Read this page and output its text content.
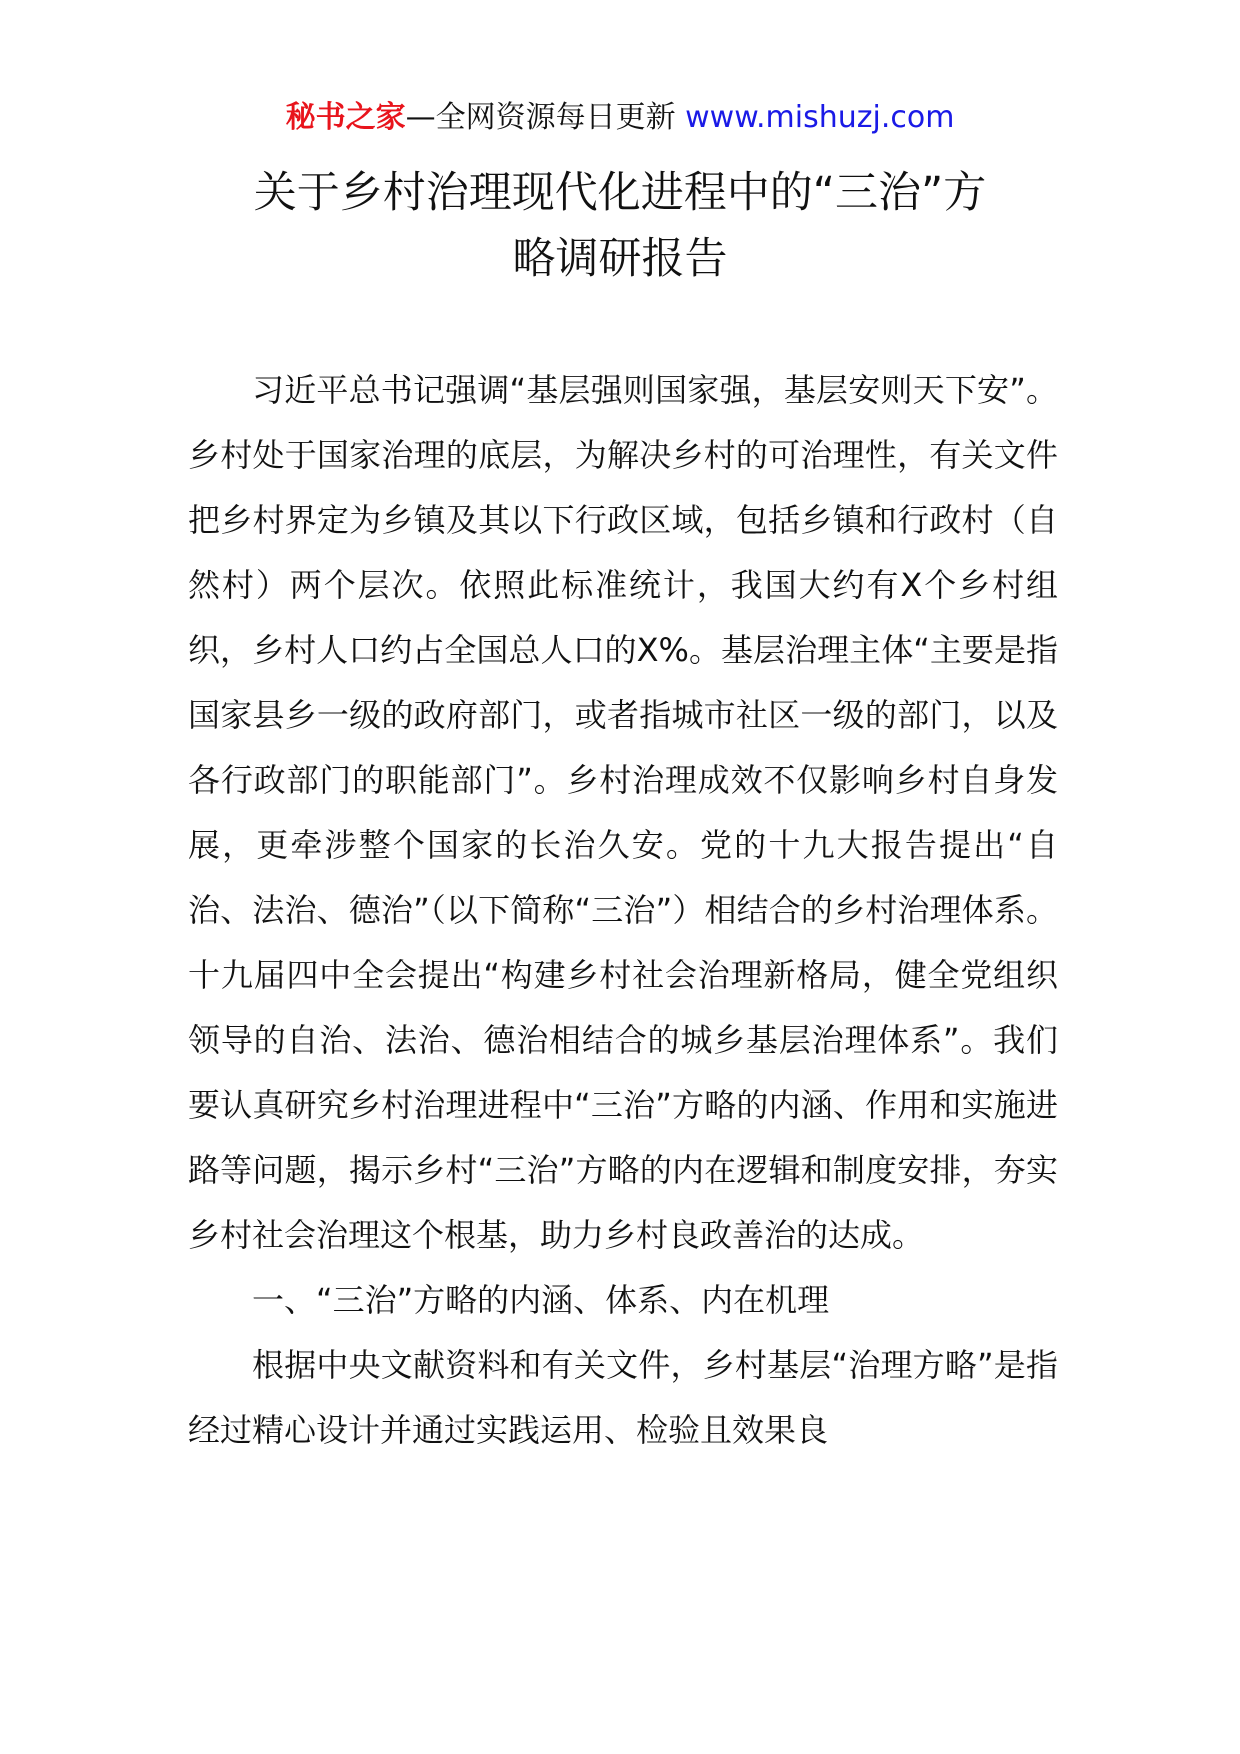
秘书之家—全网资源每日更新 www.mishuzj.com
关于乡村治理现代化进程中的“三治”方
略调研报告

习近平总书记强调“基层强则国家强，基层安则天下安”。乡村处于国家治理的底层，为解决乡村的可治理性，有关文件把乡村界定为乡镇及其以下行政区域，包括乡镇和行政村（自然村）两个层次。依照此标准统计，我国大约有X个乡村组织，乡村人口约占全国总人口的X%。基层治理主体“主要是指国家县乡一级的政府部门，或者指城市社区一级的部门，以及各行政部门的职能部门”。乡村治理成效不仅影响乡村自身发展，更牵涉整个国家的长治久安。党的十九大报告提出“自治、法治、德治”（以下简称“三治”）相结合的乡村治理体系。十九届四中全会提出“构建乡村社会治理新格局，健全党组织领导的自治、法治、德治相结合的城乡基层治理体系”。我们要认真研究乡村治理进程中“三治”方略的内涵、作用和实施进路等问题，揭示乡村“三治”方略的内在逻辑和制度安排，夯实乡村社会治理这个根基，助力乡村良政善治的达成。

一、“三治”方略的内涵、体系、内在机理

根据中央文献资料和有关文件，乡村基层“治理方略”是指经过精心设计并通过实践运用、检验且效果良
